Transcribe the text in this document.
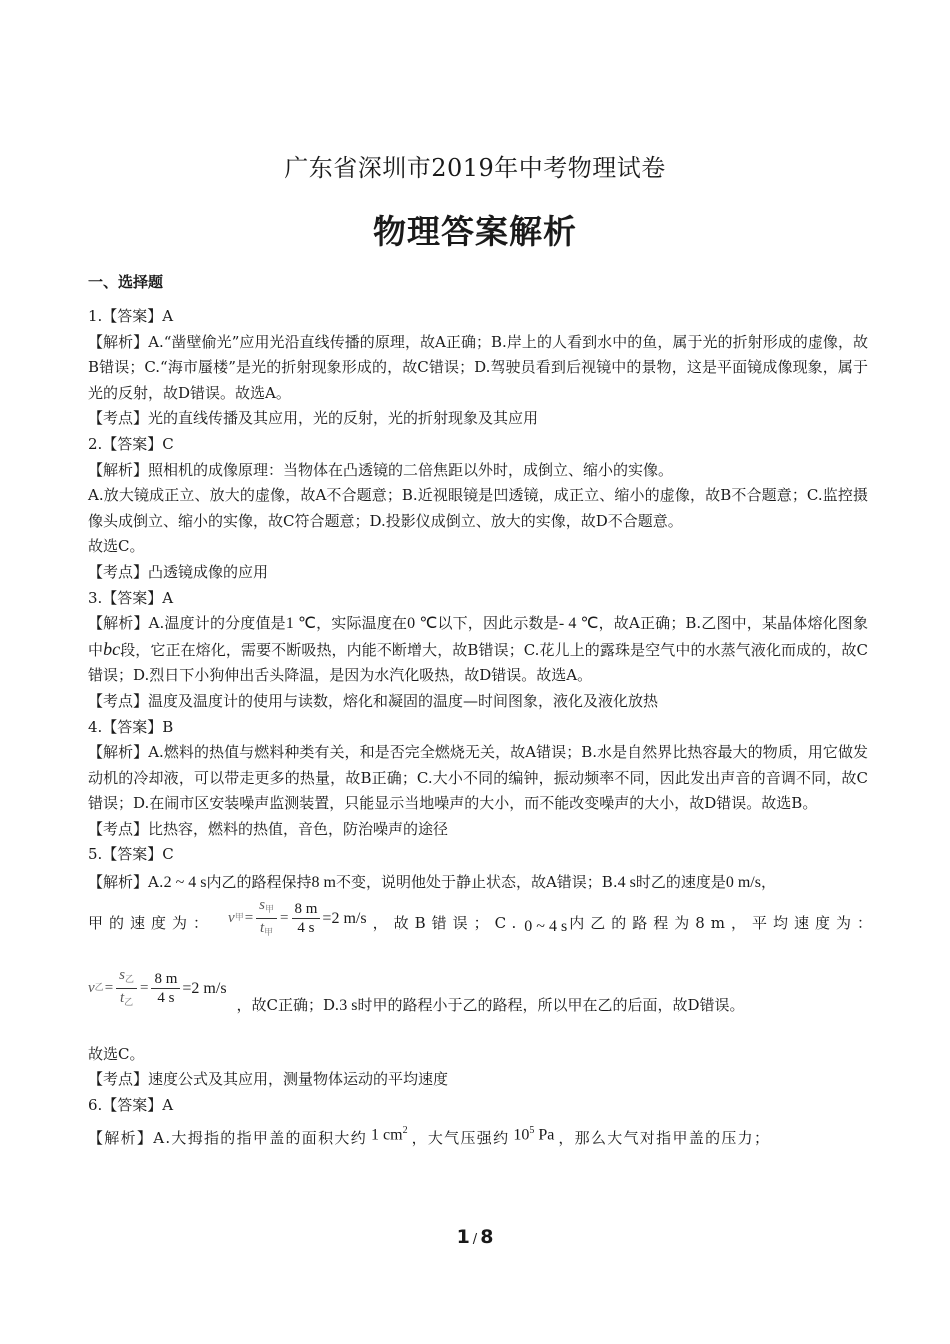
广东省深圳市2019年中考物理试卷
物理答案解析
一、选择题

1.【答案】A

【解析】A.“凿壁偷光”应用光沿直线传播的原理，故A正确；B.岸上的人看到水中的鱼，属于光的折射形成的虚像，故B错误；C.“海市蜃楼”是光的折射现象形成的，故C错误；D.驾驶员看到后视镜中的景物，这是平面镜成像现象，属于光的反射，故D错误。故选A。

【考点】光的直线传播及其应用，光的反射，光的折射现象及其应用

2.【答案】C

【解析】照相机的成像原理：当物体在凸透镜的二倍焦距以外时，成倒立、缩小的实像。

A.放大镜成正立、放大的虚像，故A不合题意；B.近视眼镜是凹透镜，成正立、缩小的虚像，故B不合题意；C.监控摄像头成倒立、缩小的实像，故C符合题意；D.投影仪成倒立、放大的实像，故D不合题意。

故选C。

【考点】凸透镜成像的应用

3.【答案】A

【解析】A.温度计的分度值是1 ℃，实际温度在0 ℃以下，因此示数是- 4 ℃，故A正确；B.乙图中，某晶体熔化图象中bc段，它正在熔化，需要不断吸热，内能不断增大，故B错误；C.花儿上的露珠是空气中的水蒸气液化而成的，故C错误；D.烈日下小狗伸出舌头降温，是因为水汽化吸热，故D错误。故选A。

【考点】温度及温度计的使用与读数，熔化和凝固的温度—时间图象，液化及液化放热

4.【答案】B

【解析】A.燃料的热值与燃料种类有关，和是否完全燃烧无关，故A错误；B.水是自然界比热容最大的物质，用它做发动机的冷却液，可以带走更多的热量，故B正确；C.大小不同的编钟，振动频率不同，因此发出声音的音调不同，故C错误；D.在闹市区安装噪声监测装置，只能显示当地噪声的大小，而不能改变噪声的大小，故D错误。故选B。

【考点】比热容，燃料的热值，音色，防治噪声的途径

5.【答案】C

【解析】A.2 ~ 4 s内乙的路程保持8 m不变，说明他处于静止状态，故A错误；B.4 s时乙的速度是0 m/s，

甲的速度为： v 甲 = $\frac{s_甲}{t_甲} = \frac{8 m}{4 s} =2$ m/s ，故B错误；C. 0 ~ 4 s 内乙的路程为8m，平均速度为：

v 乙 = $\frac{s_乙}{t_乙} = \frac{8 m}{4 s} =2$ m/s
，故C正确；D. 3 s 时甲的路程小于乙的路程，所以甲在乙的后面，故D错误。

故选C。

【考点】速度公式及其应用，测量物体运动的平均速度

6.【答案】A

【解析】A.大拇指的指甲盖的面积大约 1 $cm^2$ ，大气压强约 $10^5$ Pa ，那么大气对指甲盖的压力；

1 / 8
